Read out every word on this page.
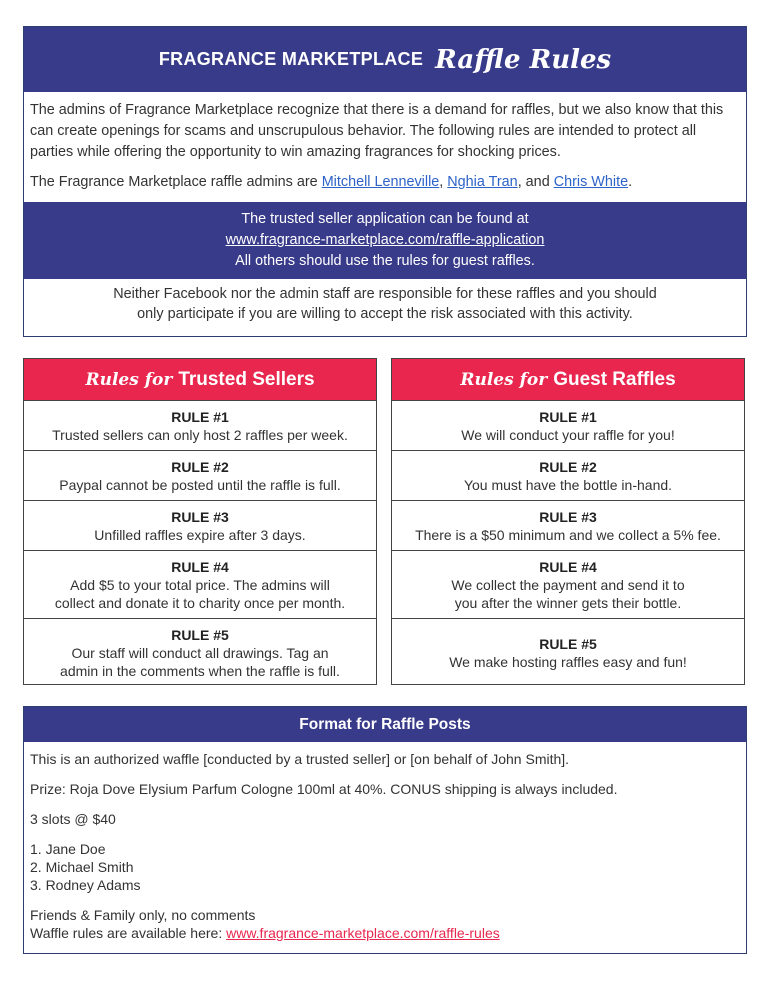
FRAGRANCE MARKETPLACE Raffle Rules
The admins of Fragrance Marketplace recognize that there is a demand for raffles, but we also know that this can create openings for scams and unscrupulous behavior. The following rules are intended to protect all parties while offering the opportunity to win amazing fragrances for shocking prices.
The Fragrance Marketplace raffle admins are Mitchell Lenneville, Nghia Tran, and Chris White.
The trusted seller application can be found at
www.fragrance-marketplace.com/raffle-application
All others should use the rules for guest raffles.
Neither Facebook nor the admin staff are responsible for these raffles and you should
only participate if you are willing to accept the risk associated with this activity.
Rules for Trusted Sellers
RULE #1
Trusted sellers can only host 2 raffles per week.
RULE #2
Paypal cannot be posted until the raffle is full.
RULE #3
Unfilled raffles expire after 3 days.
RULE #4
Add $5 to your total price. The admins will
collect and donate it to charity once per month.
RULE #5
Our staff will conduct all drawings. Tag an
admin in the comments when the raffle is full.
Rules for Guest Raffles
RULE #1
We will conduct your raffle for you!
RULE #2
You must have the bottle in-hand.
RULE #3
There is a $50 minimum and we collect a 5% fee.
RULE #4
We collect the payment and send it to
you after the winner gets their bottle.
RULE #5
We make hosting raffles easy and fun!
Format for Raffle Posts

This is an authorized waffle [conducted by a trusted seller] or [on behalf of John Smith].

Prize: Roja Dove Elysium Parfum Cologne 100ml at 40%. CONUS shipping is always included.

3 slots @ $40

1. Jane Doe

2. Michael Smith

3. Rodney Adams

Friends & Family only, no comments

Waffle rules are available here: www.fragrance-marketplace.com/raffle-rules
